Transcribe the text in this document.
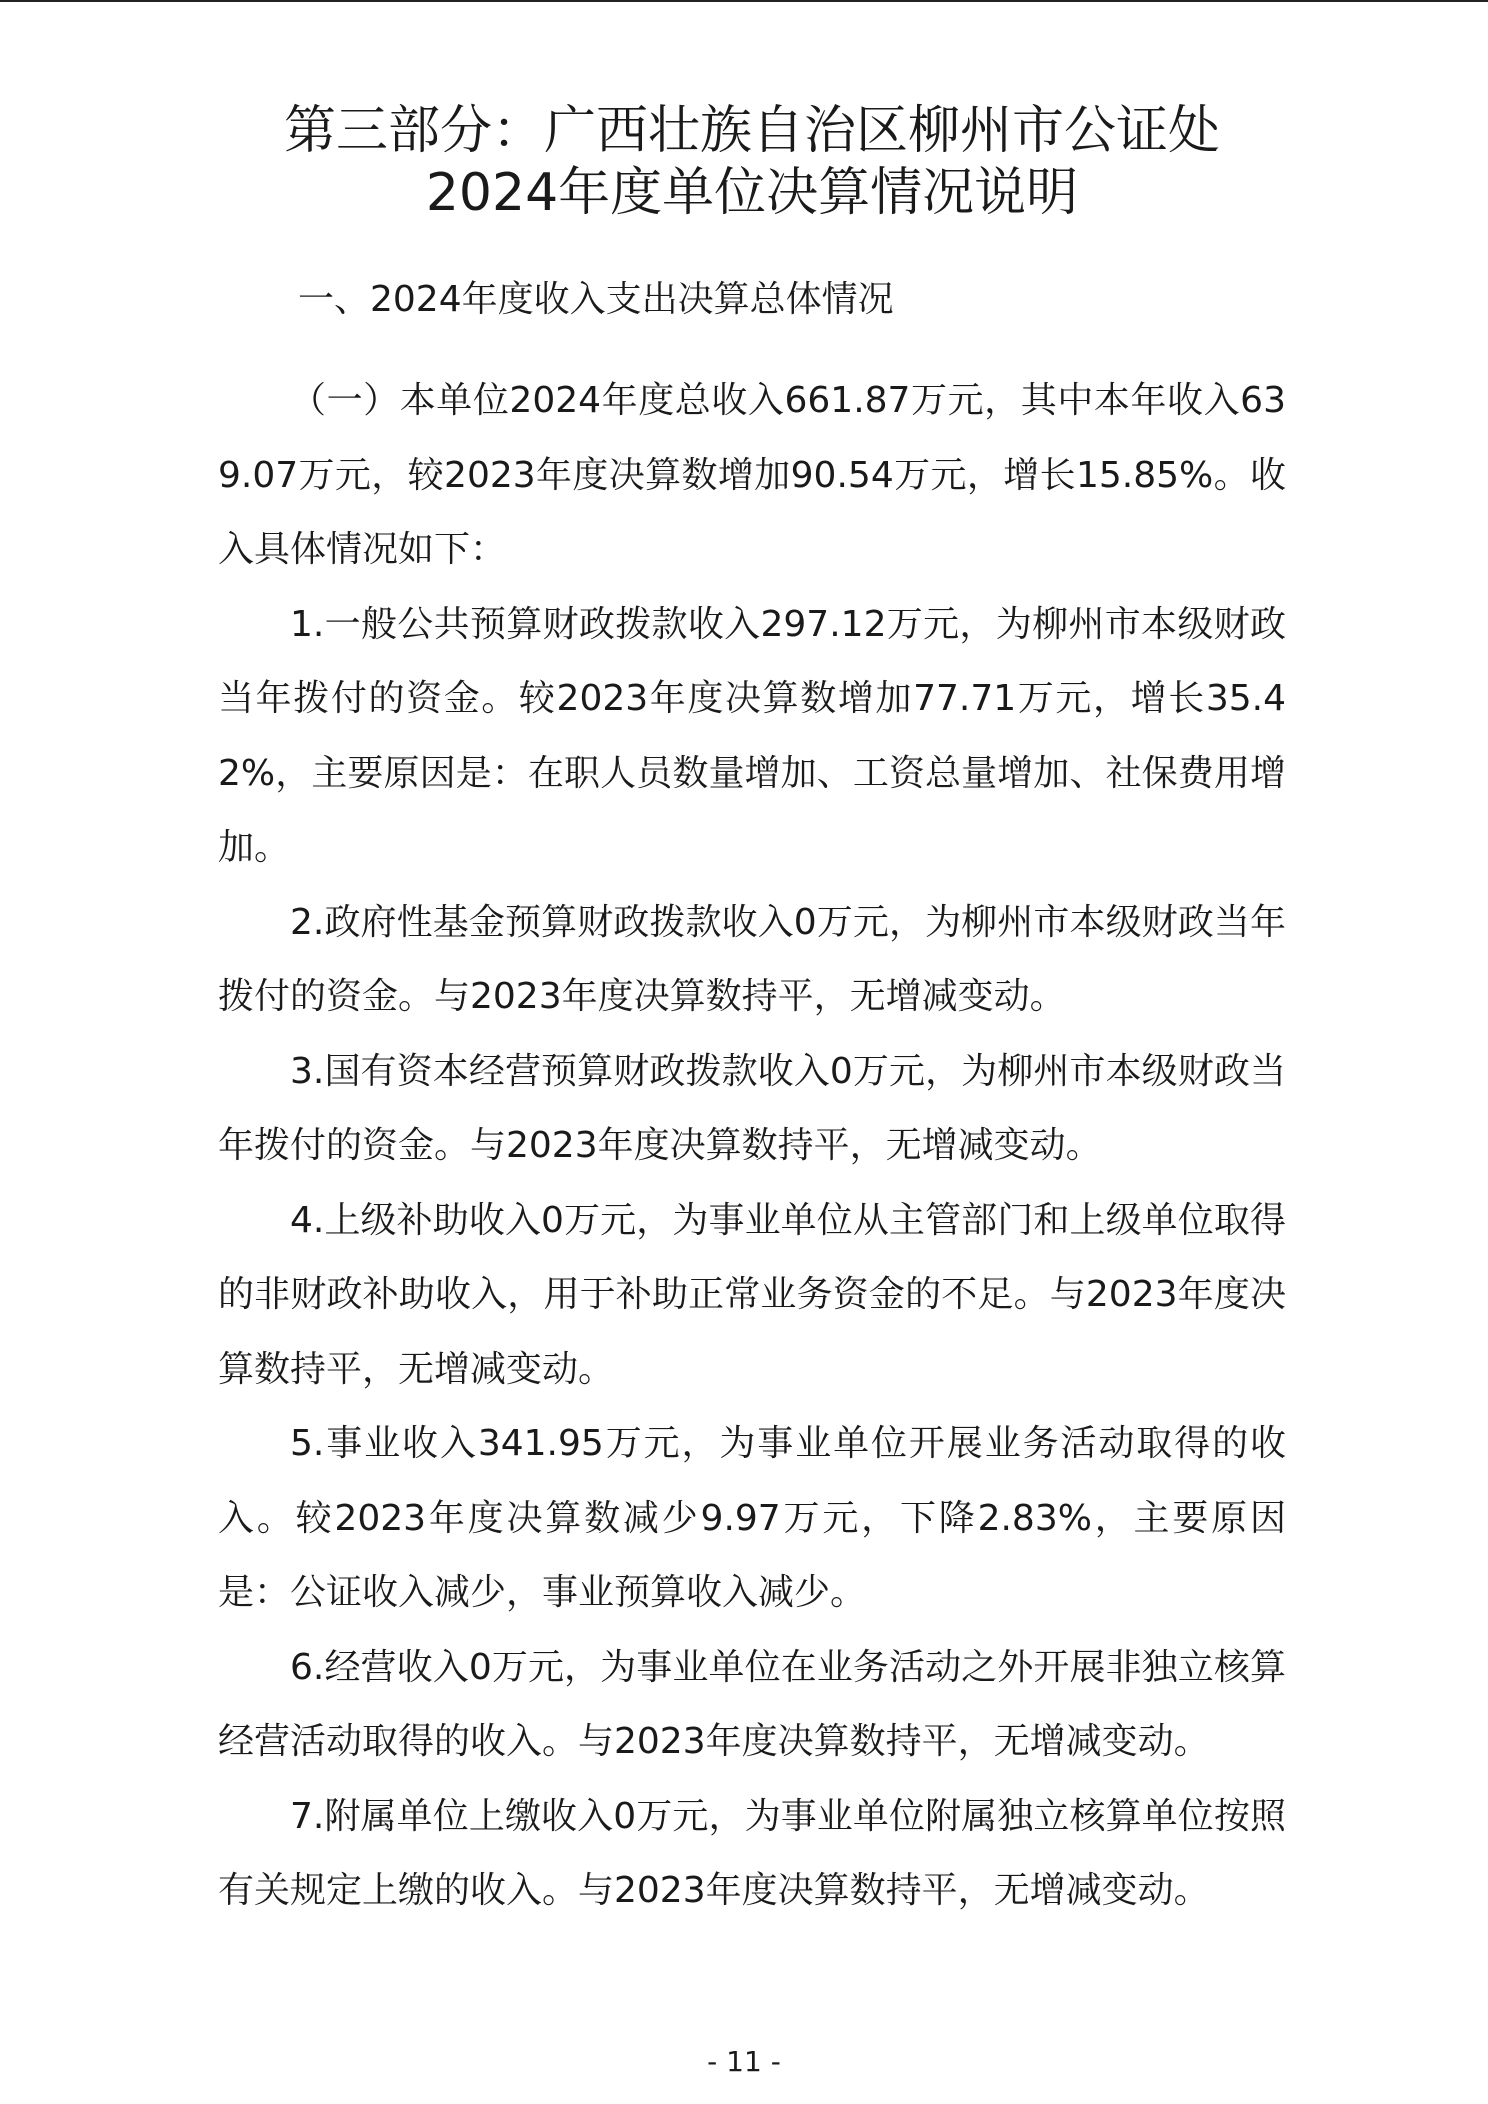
第三部分：广西壮族自治区柳州市公证处
2024年度单位决算情况说明
一、2024年度收入支出决算总体情况

（一）本单位2024年度总收入661.87万元，其中本年收入639.07万元，较2023年度决算数增加90.54万元，增长15.85%。收入具体情况如下：

1.一般公共预算财政拨款收入297.12万元，为柳州市本级财政当年拨付的资金。较2023年度决算数增加77.71万元，增长35.42%，主要原因是：在职人员数量增加、工资总量增加、社保费用增加。

2.政府性基金预算财政拨款收入0万元，为柳州市本级财政当年拨付的资金。与2023年度决算数持平，无增减变动。

3.国有资本经营预算财政拨款收入0万元，为柳州市本级财政当年拨付的资金。与2023年度决算数持平，无增减变动。

4.上级补助收入0万元，为事业单位从主管部门和上级单位取得的非财政补助收入，用于补助正常业务资金的不足。与2023年度决算数持平，无增减变动。

5.事业收入341.95万元，为事业单位开展业务活动取得的收入。较2023年度决算数减少9.97万元，下降2.83%，主要原因是：公证收入减少，事业预算收入减少。

6.经营收入0万元，为事业单位在业务活动之外开展非独立核算经营活动取得的收入。与2023年度决算数持平，无增减变动。

7.附属单位上缴收入0万元，为事业单位附属独立核算单位按照有关规定上缴的收入。与2023年度决算数持平，无增减变动。

- 11 -
